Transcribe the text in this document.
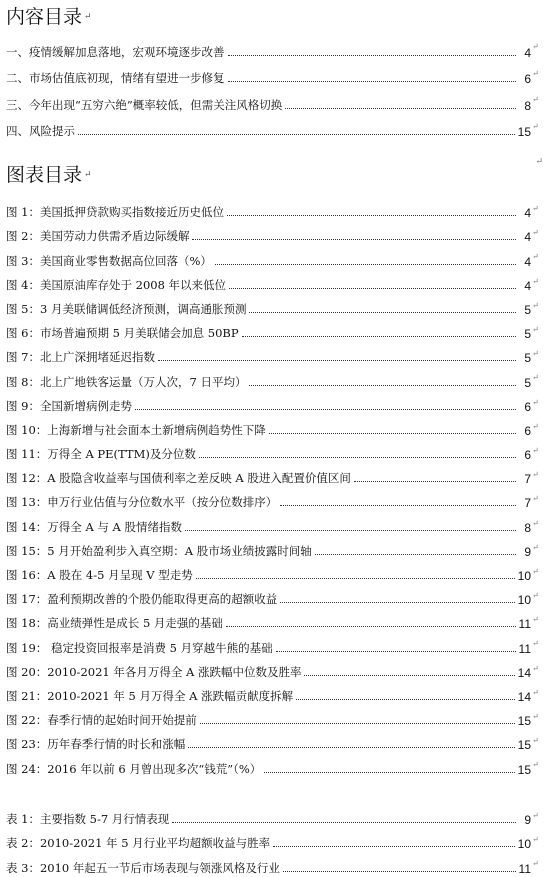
内容目录 ↵
一、疫情缓解加息落地，宏观环境逐步改善	4 ↵
二、市场估值底初现，情绪有望进一步修复	6 ↵
三、今年出现“五穷六绝”概率较低，但需关注风格切换	8 ↵
四、风险提示	15 ↵
↵
图表目录 ↵
图 1：美国抵押贷款购买指数接近历史低位	4 ↵
图 2：美国劳动力供需矛盾边际缓解	4 ↵
图 3：美国商业零售数据高位回落（%）	4 ↵
图 4：美国原油库存处于 2008 年以来低位	4 ↵
图 5：3 月美联储调低经济预测，调高通胀预测	5 ↵
图 6：市场普遍预期 5 月美联储会加息 50BP	5 ↵
图 7：北上广深拥堵延迟指数	5 ↵
图 8：北上广地铁客运量（万人次，7 日平均）	5 ↵
图 9：全国新增病例走势	6 ↵
图 10：上海新增与社会面本土新增病例趋势性下降	6 ↵
图 11：万得全 A PE(TTM)及分位数	6 ↵
图 12：A 股隐含收益率与国债利率之差反映 A 股进入配置价值区间	7 ↵
图 13：申万行业估值与分位数水平（按分位数排序）	7 ↵
图 14：万得全 A 与 A 股情绪指数	8 ↵
图 15：5 月开始盈利步入真空期：A 股市场业绩披露时间轴	9 ↵
图 16：A 股在 4-5 月呈现 V 型走势	10 ↵
图 17：盈利预期改善的个股仍能取得更高的超额收益	10 ↵
图 18：高业绩弹性是成长 5 月走强的基础	11 ↵
图 19： 稳定投资回报率是消费 5 月穿越牛熊的基础	11 ↵
图 20：2010-2021 年各月万得全 A 涨跌幅中位数及胜率	14 ↵
图 21：2010-2021 年 5 月万得全 A 涨跌幅贡献度拆解	14 ↵
图 22：春季行情的起始时间开始提前	15 ↵
图 23：历年春季行情的时长和涨幅	15 ↵
图 24：2016 年以前 6 月曾出现多次“钱荒”（%）	15 ↵
表 1：主要指数 5-7 月行情表现	9 ↵
表 2：2010-2021 年 5 月行业平均超额收益与胜率	10 ↵
表 3：2010 年起五一节后市场表现与领涨风格及行业	11 ↵
